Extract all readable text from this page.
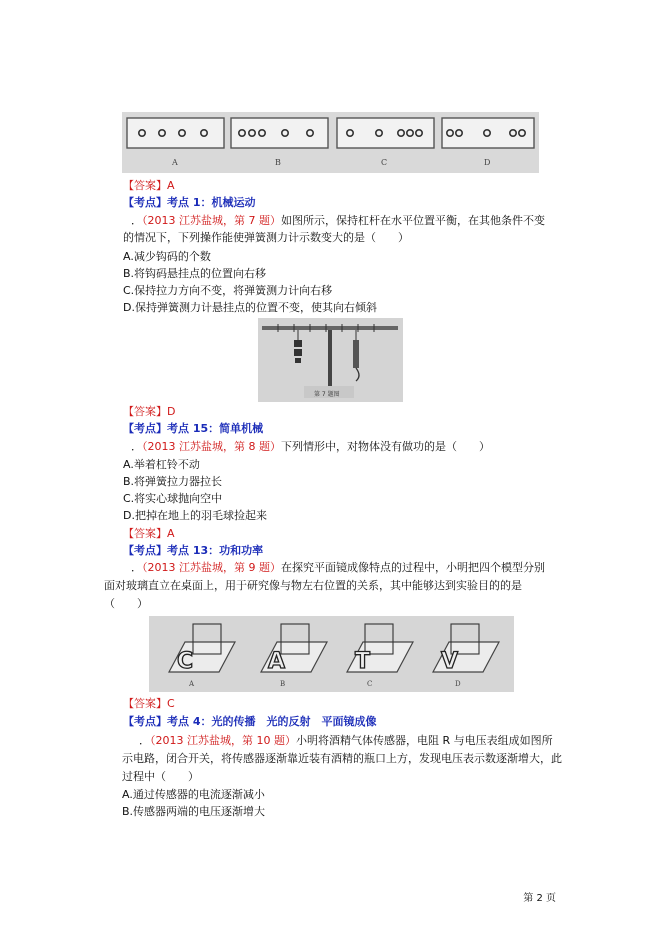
A	B	C	D
【答案】A
【考点】考点 1：机械运动
．（2013 江苏盐城，第 7 题）如图所示，保持杠杆在水平位置平衡，在其他条件不变
的情况下，下列操作能使弹簧测力计示数变大的是（　　）
A.减少钩码的个数
B.将钩码悬挂点的位置向右移
C.保持拉力方向不变，将弹簧测力计向右移
D.保持弹簧测力计悬挂点的位置不变，使其向右倾斜
第 7 题图
【答案】D
【考点】考点 15：简单机械
．（2013 江苏盐城，第 8 题）下列情形中，对物体没有做功的是（　　）
A.举着杠铃不动
B.将弹簧拉力器拉长
C.将实心球抛向空中
D.把掉在地上的羽毛球捡起来
【答案】A
【考点】考点 13：功和功率
．（2013 江苏盐城，第 9 题）在探究平面镜成像特点的过程中，小明把四个模型分别
面对玻璃直立在桌面上，用于研究像与物左右位置的关系，其中能够达到实验目的的是
（　　）
C	A	T	V
A	B	C	D
【答案】C
【考点】考点 4：光的传播　光的反射　平面镜成像
．（2013 江苏盐城，第 10 题）小明将酒精气体传感器，电阻 R 与电压表组成如图所
示电路，闭合开关，将传感器逐渐靠近装有酒精的瓶口上方，发现电压表示数逐渐增大，此
过程中（　　）
A.通过传感器的电流逐渐减小
B.传感器两端的电压逐渐增大
第 2 页
